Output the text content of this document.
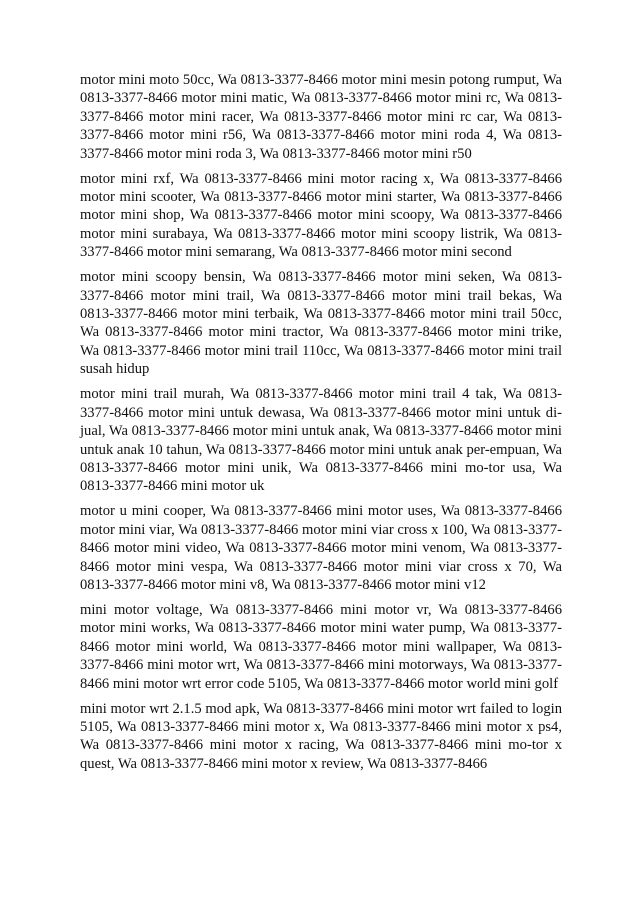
motor mini moto 50cc, Wa 0813-3377-8466 motor mini mesin potong rumput, Wa 0813-3377-8466 motor mini matic, Wa 0813-3377-8466 motor mini rc, Wa 0813-3377-8466 motor mini racer, Wa 0813-3377-8466 motor mini rc car, Wa 0813-3377-8466 motor mini r56, Wa 0813-3377-8466 motor mini roda 4, Wa 0813-3377-8466 motor mini roda 3, Wa 0813-3377-8466 motor mini r50

motor mini rxf, Wa 0813-3377-8466 mini motor racing x, Wa 0813-3377-8466 motor mini scooter, Wa 0813-3377-8466 motor mini starter, Wa 0813-3377-8466 motor mini shop, Wa 0813-3377-8466 motor mini scoopy, Wa 0813-3377-8466 motor mini surabaya, Wa 0813-3377-8466 motor mini scoopy listrik, Wa 0813-3377-8466 motor mini semarang, Wa 0813-3377-8466 motor mini second

motor mini scoopy bensin, Wa 0813-3377-8466 motor mini seken, Wa 0813-3377-8466 motor mini trail, Wa 0813-3377-8466 motor mini trail bekas, Wa 0813-3377-8466 motor mini terbaik, Wa 0813-3377-8466 motor mini trail 50cc, Wa 0813-3377-8466 motor mini tractor, Wa 0813-3377-8466 motor mini trike, Wa 0813-3377-8466 motor mini trail 110cc, Wa 0813-3377-8466 motor mini trail susah hidup

motor mini trail murah, Wa 0813-3377-8466 motor mini trail 4 tak, Wa 0813-3377-8466 motor mini untuk dewasa, Wa 0813-3377-8466 motor mini untuk di-jual, Wa 0813-3377-8466 motor mini untuk anak, Wa 0813-3377-8466 motor mini untuk anak 10 tahun, Wa 0813-3377-8466 motor mini untuk anak per-empuan, Wa 0813-3377-8466 motor mini unik, Wa 0813-3377-8466 mini mo-tor usa, Wa 0813-3377-8466 mini motor uk

motor u mini cooper, Wa 0813-3377-8466 mini motor uses, Wa 0813-3377-8466 motor mini viar, Wa 0813-3377-8466 motor mini viar cross x 100, Wa 0813-3377-8466 motor mini video, Wa 0813-3377-8466 motor mini venom, Wa 0813-3377-8466 motor mini vespa, Wa 0813-3377-8466 motor mini viar cross x 70, Wa 0813-3377-8466 motor mini v8, Wa 0813-3377-8466 motor mini v12

mini motor voltage, Wa 0813-3377-8466 mini motor vr, Wa 0813-3377-8466 motor mini works, Wa 0813-3377-8466 motor mini water pump, Wa 0813-3377-8466 motor mini world, Wa 0813-3377-8466 motor mini wallpaper, Wa 0813-3377-8466 mini motor wrt, Wa 0813-3377-8466 mini motorways, Wa 0813-3377-8466 mini motor wrt error code 5105, Wa 0813-3377-8466 motor world mini golf

mini motor wrt 2.1.5 mod apk, Wa 0813-3377-8466 mini motor wrt failed to login 5105, Wa 0813-3377-8466 mini motor x, Wa 0813-3377-8466 mini motor x ps4, Wa 0813-3377-8466 mini motor x racing, Wa 0813-3377-8466 mini mo-tor x quest, Wa 0813-3377-8466 mini motor x review, Wa 0813-3377-8466
